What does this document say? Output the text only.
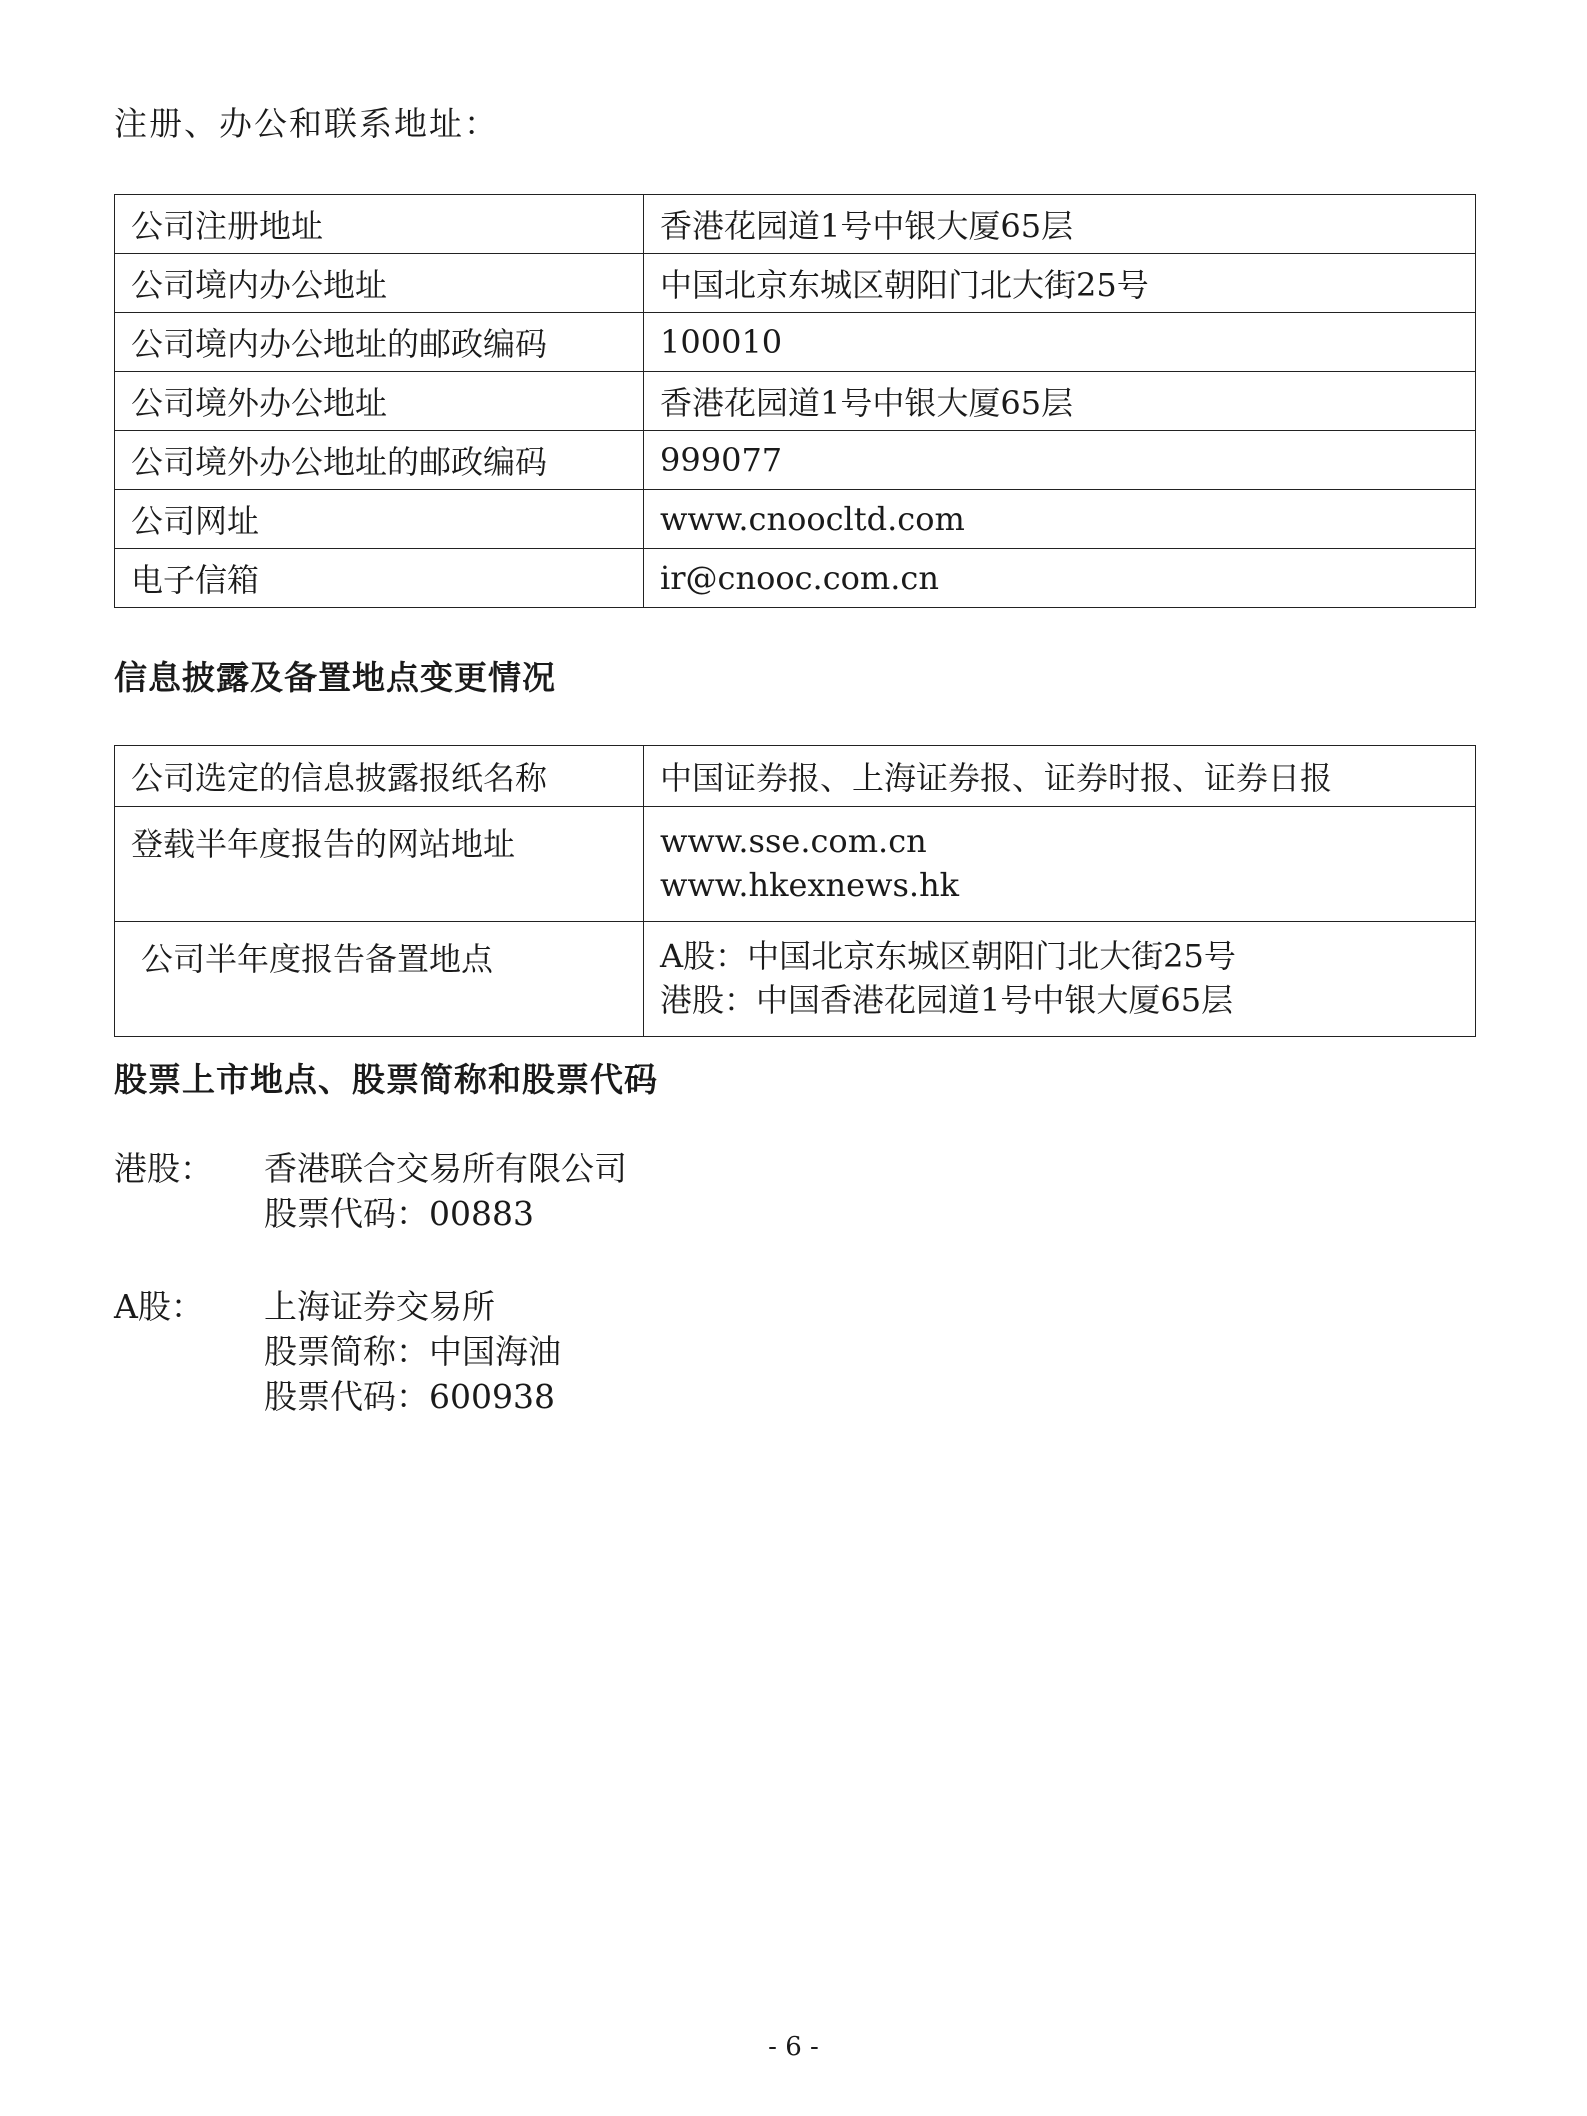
注册、办公和联系地址：
公司注册地址	香港花园道1号中银大厦65层
公司境内办公地址	中国北京东城区朝阳门北大街25号
公司境内办公地址的邮政编码	100010
公司境外办公地址	香港花园道1号中银大厦65层
公司境外办公地址的邮政编码	999077
公司网址	www.cnoocltd.com
电子信箱	ir@cnooc.com.cn
信息披露及备置地点变更情况
公司选定的信息披露报纸名称	中国证券报、上海证券报、证券时报、证券日报
登载半年度报告的网站地址	www.sse.com.cn
www.hkexnews.hk

公司半年度报告备置地点	A股：中国北京东城区朝阳门北大街25号
港股：中国香港花园道1号中银大厦65层
股票上市地点、股票简称和股票代码
港股： 香港联合交易所有限公司
股票代码：00883
A股： 上海证券交易所
股票简称：中国海油
股票代码：600938
- 6 -
